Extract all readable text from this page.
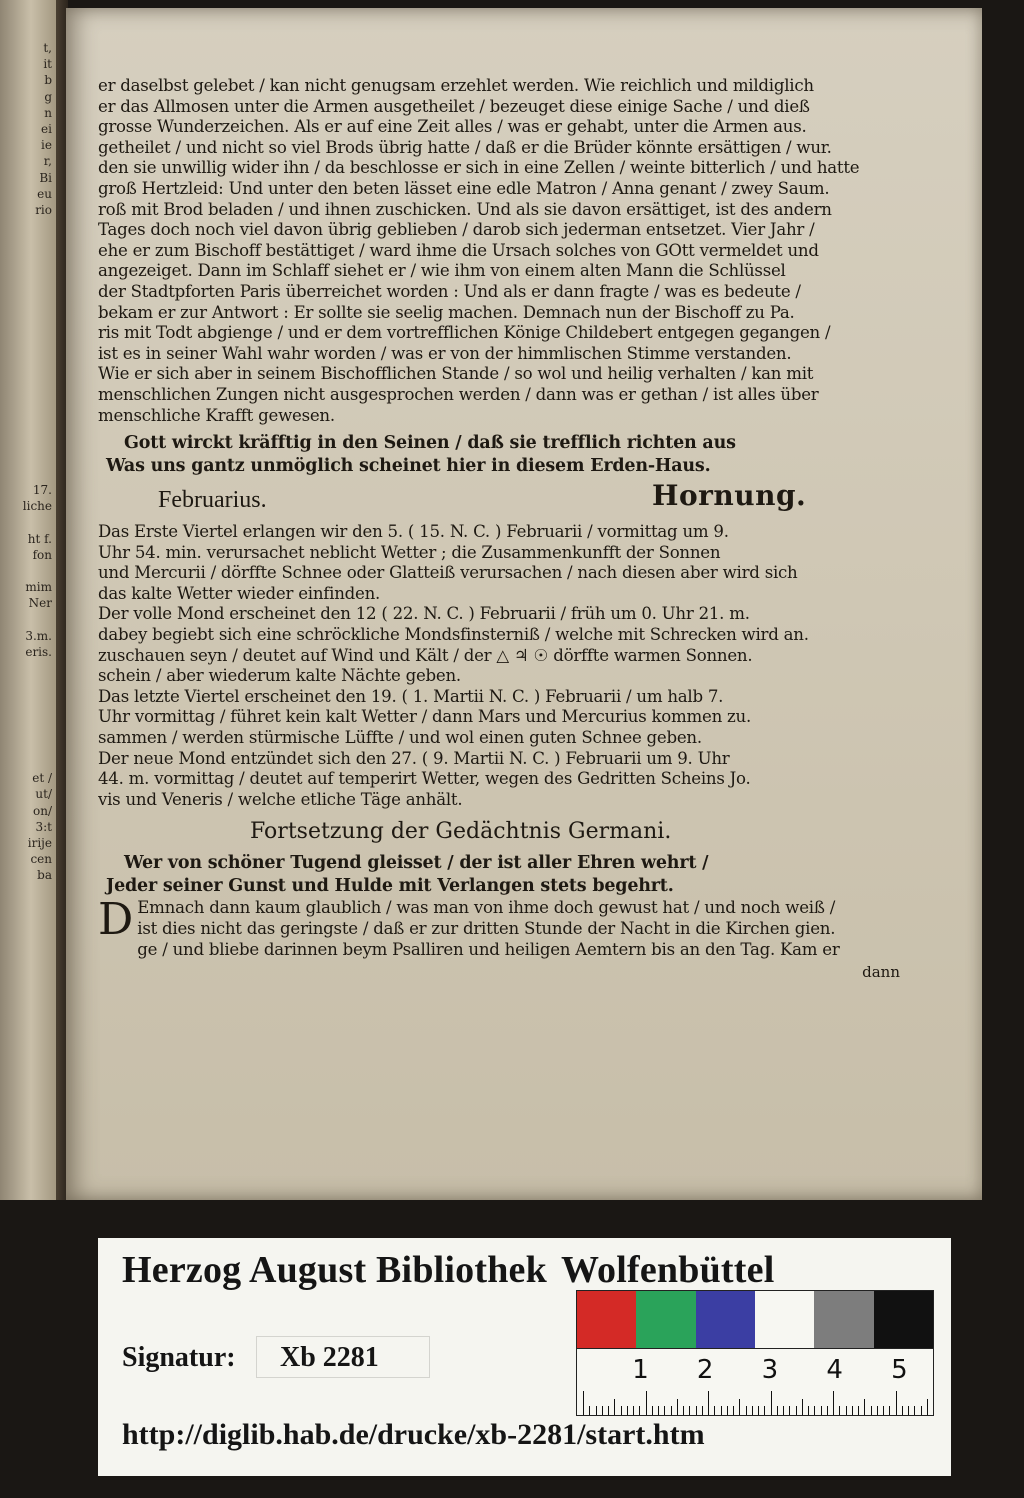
t,
it
b
g
n
ei
ie
r,
Bi
eu
rio
17.
liche

ht f.
fon

mim
Ner

3.m.
eris.
et /
ut/
on/
3:t
irije
cen
ba

er daselbst gelebet / kan nicht genugsam erzehlet werden. Wie reichlich und mildiglich

er das Allmosen unter die Armen ausgetheilet / bezeuget diese einige Sache / und dieß

grosse Wunderzeichen. Als er auf eine Zeit alles / was er gehabt, unter die Armen aus.

getheilet / und nicht so viel Brods übrig hatte / daß er die Brüder könnte ersättigen / wur.

den sie unwillig wider ihn / da beschlosse er sich in eine Zellen / weinte bitterlich / und hatte

groß Hertzleid: Und unter den beten lässet eine edle Matron / Anna genant / zwey Saum.

roß mit Brod beladen / und ihnen zuschicken. Und als sie davon ersättiget, ist des andern

Tages doch noch viel davon übrig geblieben / darob sich jederman entsetzet. Vier Jahr /

ehe er zum Bischoff bestättiget / ward ihme die Ursach solches von GOtt vermeldet und

angezeiget. Dann im Schlaff siehet er / wie ihm von einem alten Mann die Schlüssel

der Stadtpforten Paris überreichet worden : Und als er dann fragte / was es bedeute /

bekam er zur Antwort : Er sollte sie seelig machen. Demnach nun der Bischoff zu Pa.

ris mit Todt abgienge / und er dem vortrefflichen Könige Childebert entgegen gegangen /

ist es in seiner Wahl wahr worden / was er von der himmlischen Stimme verstanden.

Wie er sich aber in seinem Bischofflichen Stande / so wol und heilig verhalten / kan mit

menschlichen Zungen nicht ausgesprochen werden / dann was er gethan / ist alles über

menschliche Krafft gewesen.

Gott wirckt kräfftig in den Seinen / daß sie trefflich richten aus
Was uns gantz unmöglich scheinet hier in diesem Erden-Haus.
Februarius.	Hornung.

Das Erste Viertel erlangen wir den 5. ( 15. N. C. ) Februarii / vormittag um 9.

Uhr 54. min. verursachet neblicht Wetter ; die Zusammenkunfft der Sonnen

und Mercurii / dörffte Schnee oder Glatteiß verursachen / nach diesen aber wird sich

das kalte Wetter wieder einfinden.

Der volle Mond erscheinet den 12 ( 22. N. C. ) Februarii / früh um 0. Uhr 21. m.

dabey begiebt sich eine schröckliche Mondsfinsterniß / welche mit Schrecken wird an.

zuschauen seyn / deutet auf Wind und Kält / der △ ♃ ☉ dörffte warmen Sonnen.

schein / aber wiederum kalte Nächte geben.

Das letzte Viertel erscheinet den 19. ( 1. Martii N. C. ) Februarii / um halb 7.

Uhr vormittag / führet kein kalt Wetter / dann Mars und Mercurius kommen zu.

sammen / werden stürmische Lüffte / und wol einen guten Schnee geben.

Der neue Mond entzündet sich den 27. ( 9. Martii N. C. ) Februarii um 9. Uhr

44. m. vormittag / deutet auf temperirt Wetter, wegen des Gedritten Scheins Jo.

vis und Veneris / welche etliche Täge anhält.

Fortsetzung der Gedächtnis Germani.
Wer von schöner Tugend gleisset / der ist aller Ehren wehrt /
Jeder seiner Gunst und Hulde mit Verlangen stets begehrt.
D Emnach dann kaum glaublich / was man von ihme doch gewust hat / und noch weiß /

ist dies nicht das geringste / daß er zur dritten Stunde der Nacht in die Kirchen gien.

ge / und bliebe darinnen beym Psalliren und heiligen Aemtern bis an den Tag. Kam er

dann
Herzog August Bibliothek Wolfenbüttel
1 2 3 4 5
Signatur: Xb 2281
http://diglib.hab.de/drucke/xb-2281/start.htm
